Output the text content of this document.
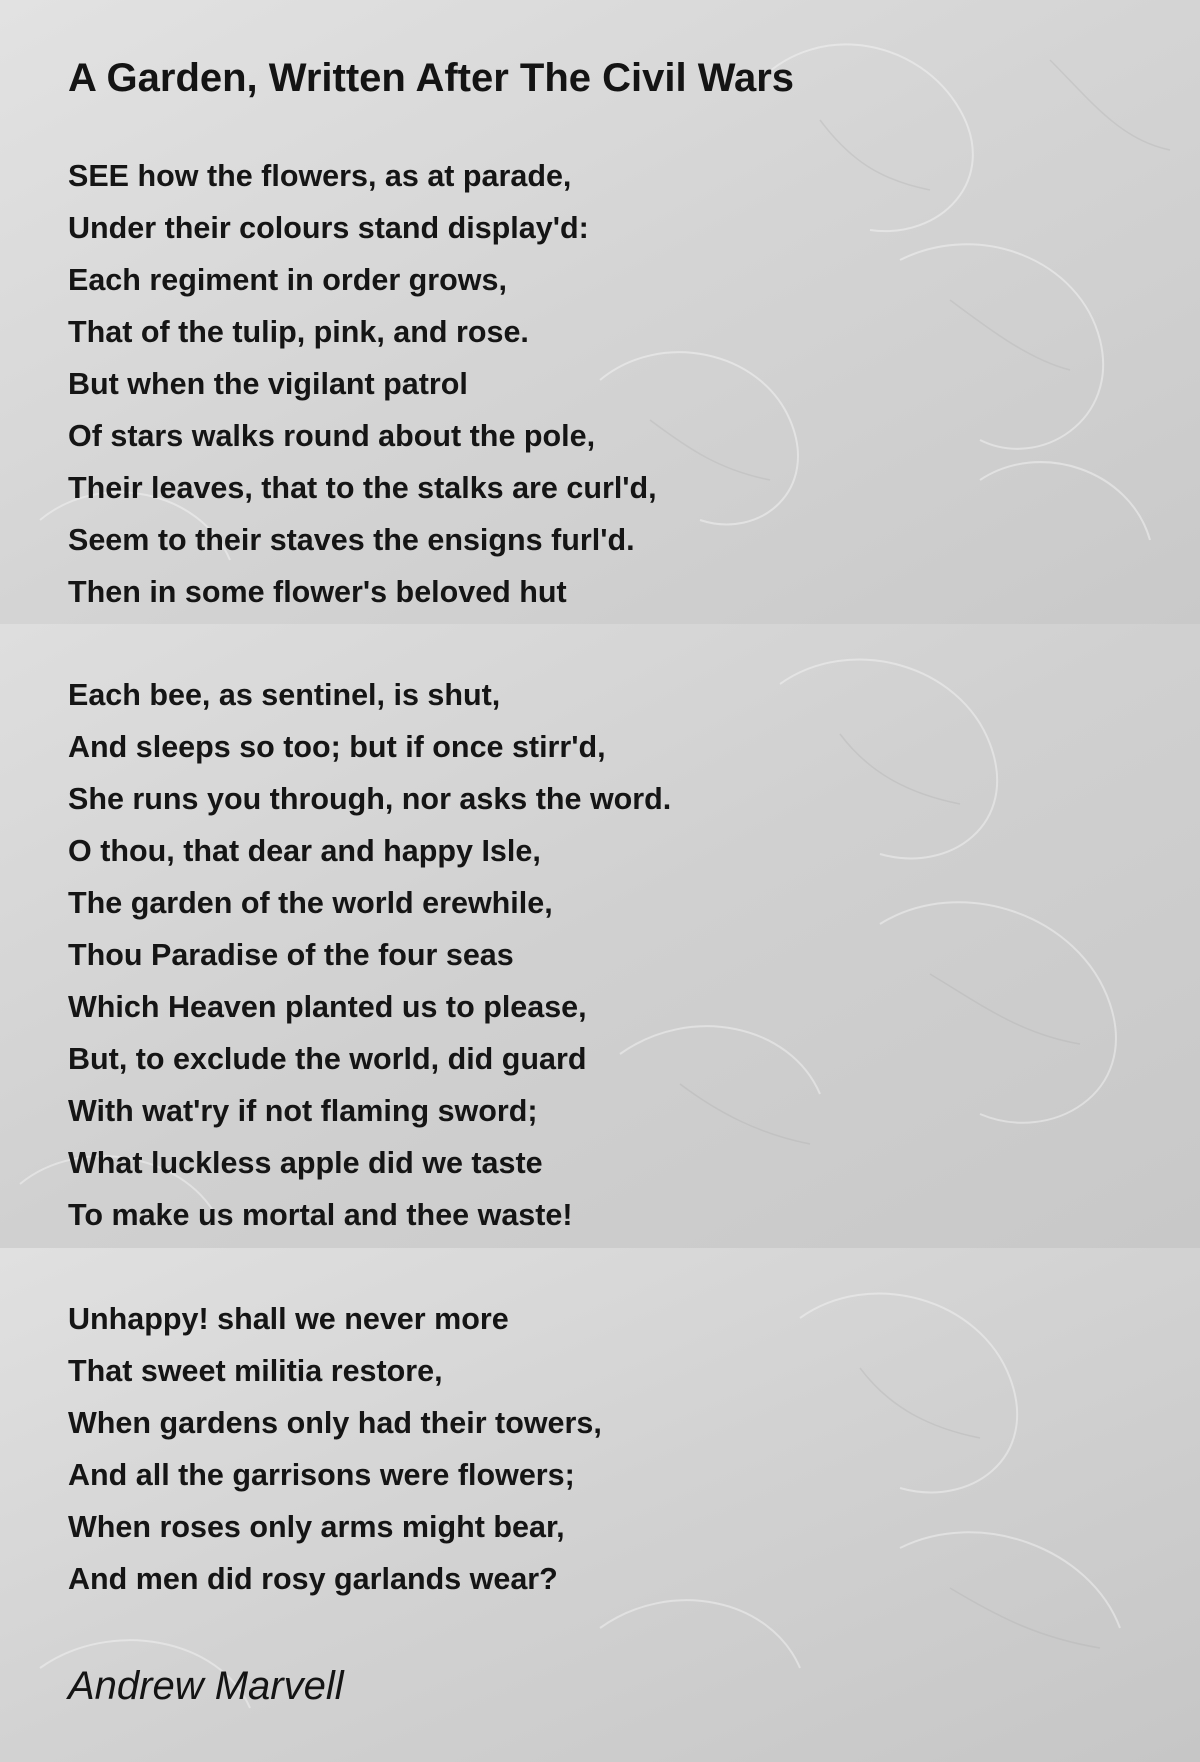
A Garden, Written After The Civil Wars
SEE how the flowers, as at parade,
Under their colours stand display'd:
Each regiment in order grows,
That of the tulip, pink, and rose.
But when the vigilant patrol
Of stars walks round about the pole,
Their leaves, that to the stalks are curl'd,
Seem to their staves the ensigns furl'd.
Then in some flower's beloved hut
Each bee, as sentinel, is shut,
And sleeps so too; but if once stirr'd,
She runs you through, nor asks the word.
O thou, that dear and happy Isle,
The garden of the world erewhile,
Thou Paradise of the four seas
Which Heaven planted us to please,
But, to exclude the world, did guard
With wat'ry if not flaming sword;
What luckless apple did we taste
To make us mortal and thee waste!
Unhappy! shall we never more
That sweet militia restore,
When gardens only had their towers,
And all the garrisons were flowers;
When roses only arms might bear,
And men did rosy garlands wear?
Andrew Marvell
